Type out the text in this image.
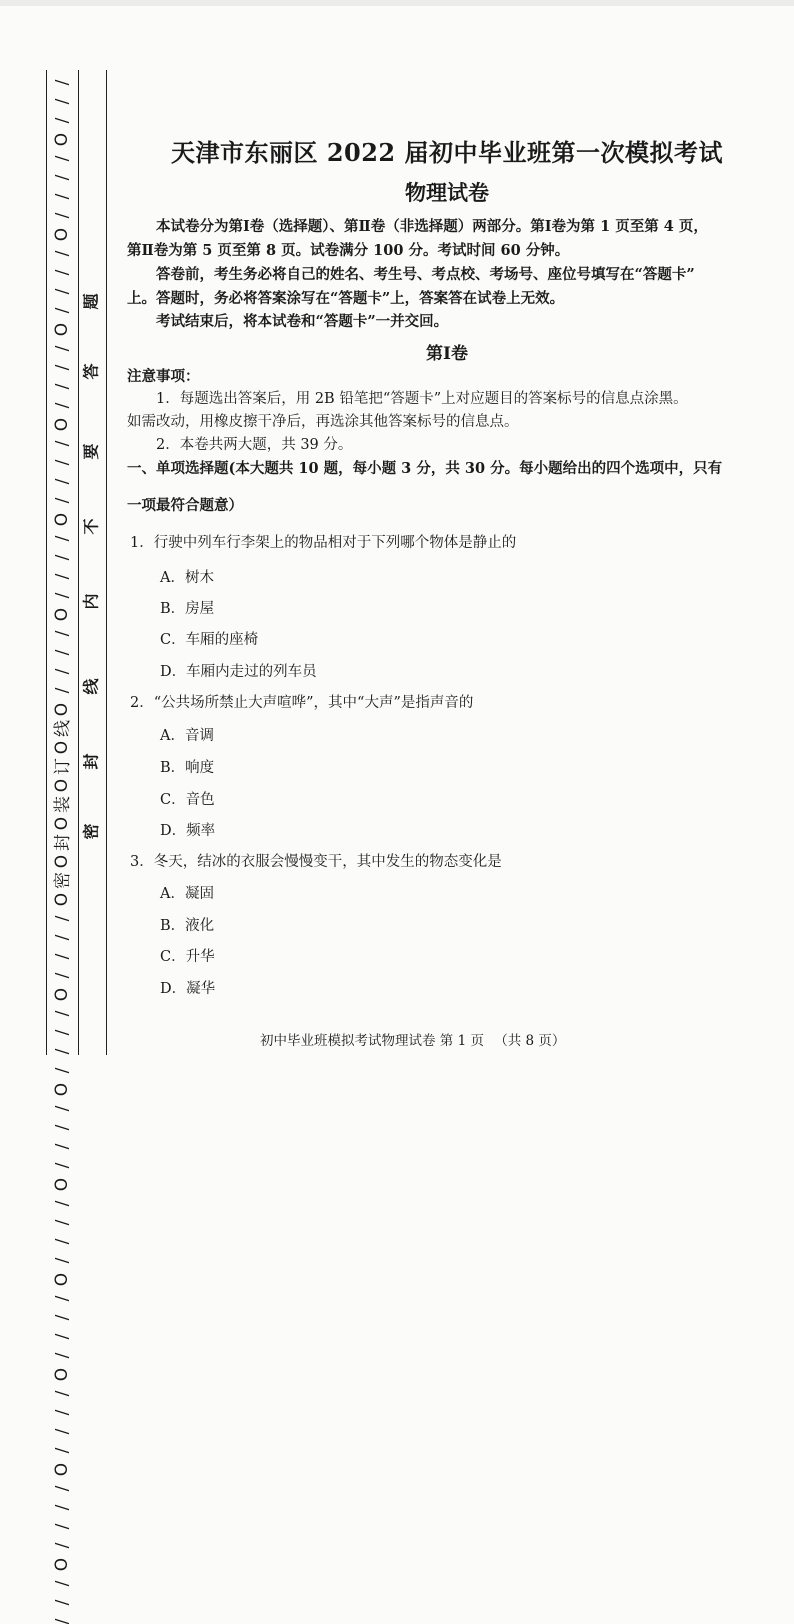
/
/
/
O
/
/
/
/
O
/
/
/
/
O
/
/
/
/
O
/
/
/
/
O
/
/
/
/
O
/
/
/
/
O
线
O
订
O
装
O
封
O
密
O
/
/
/
/
O
/
/
/
/
O
/
/
/
/
O
/
/
/
/
O
/
/
/
/
O
/
/
/
/
O
/
/
/
/
O
/
/
/
题
答
要
不
内
线
封
密
天津市东丽区 2022 届初中毕业班第一次模拟考试
物理试卷
本试卷分为第Ⅰ卷（选择题）、第Ⅱ卷（非选择题）两部分。第Ⅰ卷为第 1 页至第 4 页，
第Ⅱ卷为第 5 页至第 8 页。试卷满分 100 分。考试时间 60 分钟。
答卷前，考生务必将自己的姓名、考生号、考点校、考场号、座位号填写在“答题卡”
上。答题时，务必将答案涂写在“答题卡”上，答案答在试卷上无效。
考试结束后，将本试卷和“答题卡”一并交回。
第Ⅰ卷
注意事项：
1．每题选出答案后，用 2B 铅笔把“答题卡”上对应题目的答案标号的信息点涂黑。
如需改动，用橡皮擦干净后，再选涂其他答案标号的信息点。
2．本卷共两大题，共 39 分。
一、单项选择题(本大题共 10 题，每小题 3 分，共 30 分。每小题给出的四个选项中，只有
一项最符合题意）
1．行驶中列车行李架上的物品相对于下列哪个物体是静止的
A．树木
B．房屋
C．车厢的座椅
D．车厢内走过的列车员
2．“公共场所禁止大声喧哗”，其中“大声”是指声音的
A．音调
B．响度
C．音色
D．频率
3．冬天，结冰的衣服会慢慢变干，其中发生的物态变化是
A．凝固
B．液化
C．升华
D．凝华
初中毕业班模拟考试物理试卷 第 1 页 （共 8 页）
